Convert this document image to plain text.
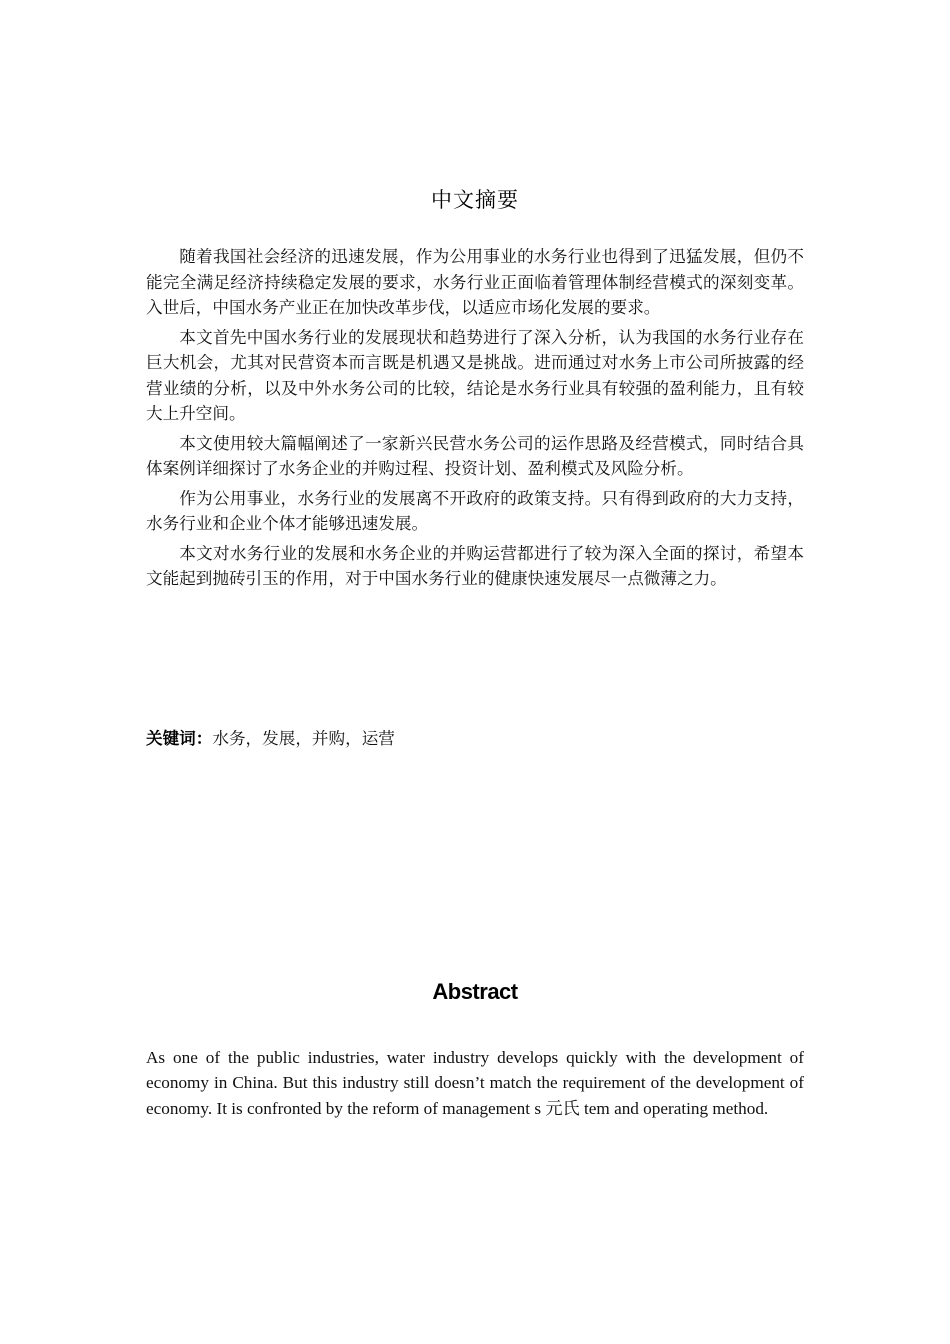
中文摘要

随着我国社会经济的迅速发展，作为公用事业的水务行业也得到了迅猛发展，但仍不能完全满足经济持续稳定发展的要求，水务行业正面临着管理体制经营模式的深刻变革。入世后，中国水务产业正在加快改革步伐，以适应市场化发展的要求。

本文首先中国水务行业的发展现状和趋势进行了深入分析，认为我国的水务行业存在巨大机会，尤其对民营资本而言既是机遇又是挑战。进而通过对水务上市公司所披露的经营业绩的分析，以及中外水务公司的比较，结论是水务行业具有较强的盈利能力，且有较大上升空间。

本文使用较大篇幅阐述了一家新兴民营水务公司的运作思路及经营模式，同时结合具体案例详细探讨了水务企业的并购过程、投资计划、盈利模式及风险分析。

作为公用事业，水务行业的发展离不开政府的政策支持。只有得到政府的大力支持，水务行业和企业个体才能够迅速发展。

本文对水务行业的发展和水务企业的并购运营都进行了较为深入全面的探讨，希望本文能起到抛砖引玉的作用，对于中国水务行业的健康快速发展尽一点微薄之力。

关键词：水务，发展，并购，运营
Abstract

As one of the public industries, water industry develops quickly with the development of economy in China. But this industry still doesn’t match the requirement of the development of economy. It is confronted by the reform of management s 元氏 tem and operating method.
